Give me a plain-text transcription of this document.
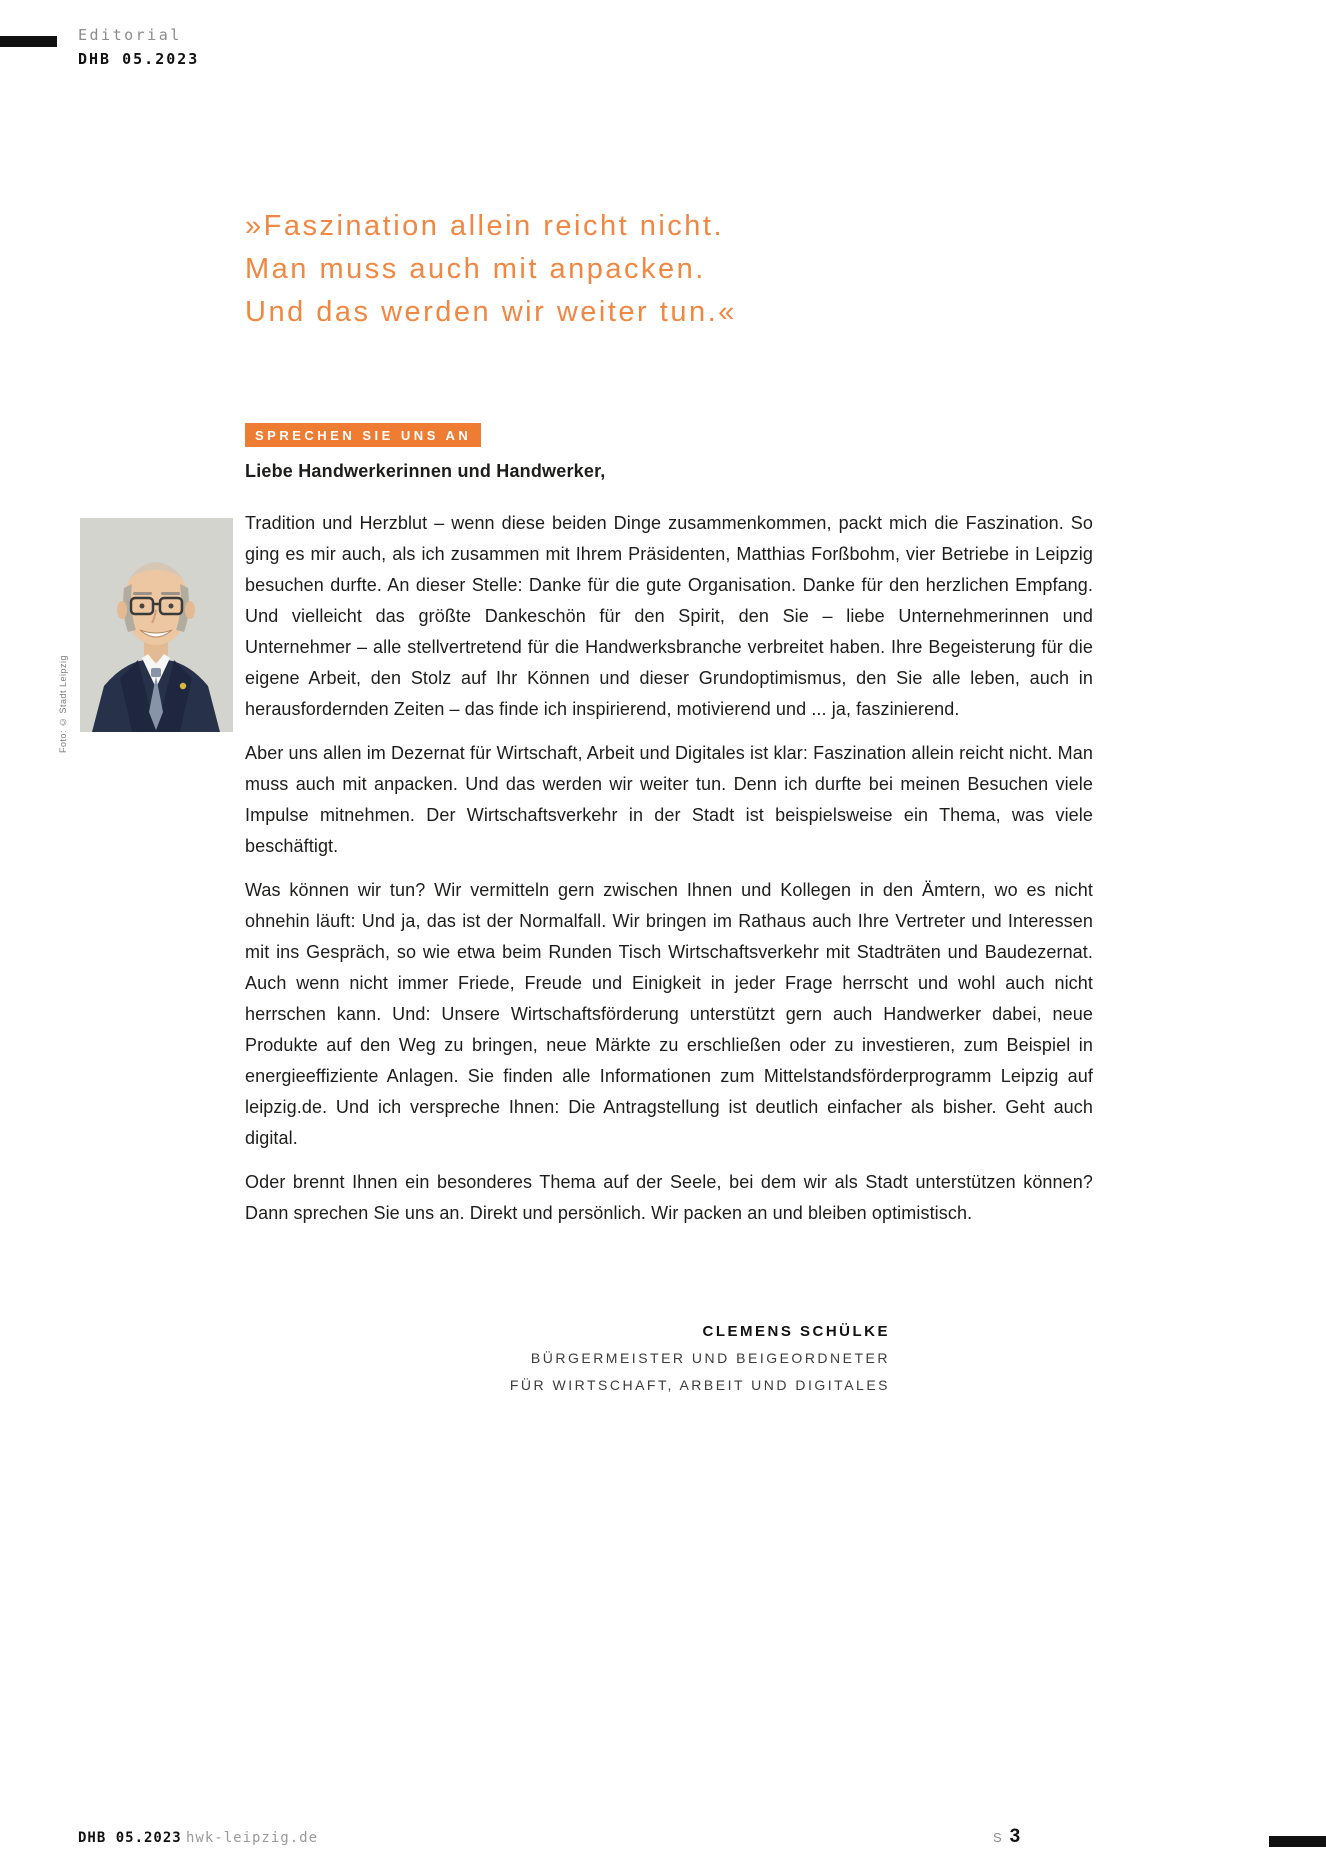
Editorial
DHB 05.2023
»Faszination allein reicht nicht.
Man muss auch mit anpacken.
Und das werden wir weiter tun.«
SPRECHEN SIE UNS AN
Foto: © Stadt Leipzig
Liebe Handwerkerinnen und Handwerker,

Tradition und Herzblut – wenn diese beiden Dinge zusammenkommen, packt mich die Faszination. So ging es mir auch, als ich zusammen mit Ihrem Präsidenten, Matthias Forßbohm, vier Betriebe in Leipzig besuchen durfte. An dieser Stelle: Danke für die gute Organisation. Danke für den herzlichen Empfang. Und vielleicht das größte Dankeschön für den Spirit, den Sie – liebe Unternehmerinnen und Unternehmer – alle stellvertretend für die Handwerksbranche verbreitet haben. Ihre Begeisterung für die eigene Arbeit, den Stolz auf Ihr Können und dieser Grundoptimismus, den Sie alle leben, auch in herausfordernden Zeiten – das finde ich inspirierend, motivierend und ... ja, faszinierend.

Aber uns allen im Dezernat für Wirtschaft, Arbeit und Digitales ist klar: Faszination allein reicht nicht. Man muss auch mit anpacken. Und das werden wir weiter tun. Denn ich durfte bei meinen Besuchen viele Impulse mitnehmen. Der Wirtschaftsverkehr in der Stadt ist beispielsweise ein Thema, was viele beschäftigt.

Was können wir tun? Wir vermitteln gern zwischen Ihnen und Kollegen in den Ämtern, wo es nicht ohnehin läuft: Und ja, das ist der Normalfall. Wir bringen im Rathaus auch Ihre Vertreter und Interessen mit ins Gespräch, so wie etwa beim Runden Tisch Wirtschaftsverkehr mit Stadträten und Baudezernat. Auch wenn nicht immer Friede, Freude und Einigkeit in jeder Frage herrscht und wohl auch nicht herrschen kann. Und: Unsere Wirtschaftsförderung unterstützt gern auch Handwerker dabei, neue Produkte auf den Weg zu bringen, neue Märkte zu erschließen oder zu investieren, zum Beispiel in energieeffiziente Anlagen. Sie finden alle Informationen zum Mittelstandsförderprogramm Leipzig auf leipzig.de. Und ich verspreche Ihnen: Die Antragstellung ist deutlich einfacher als bisher. Geht auch digital.

Oder brennt Ihnen ein besonderes Thema auf der Seele, bei dem wir als Stadt unterstützen können? Dann sprechen Sie uns an. Direkt und persönlich. Wir packen an und bleiben optimistisch.

CLEMENS SCHÜLKE
BÜRGERMEISTER UND BEIGEORDNETER
FÜR WIRTSCHAFT, ARBEIT UND DIGITALES
DHB 05.2023 hwk-leipzig.de	S 3
